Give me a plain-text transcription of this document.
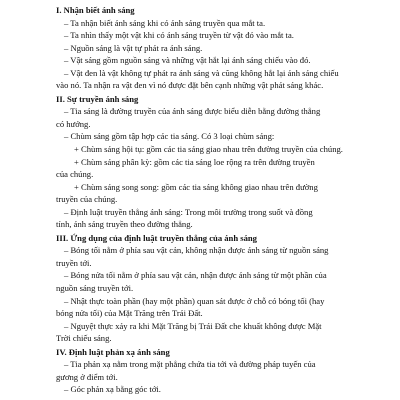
I. Nhận biết ánh sáng
– Ta nhận biết ánh sáng khi có ánh sáng truyền qua mắt ta.
– Ta nhìn thấy một vật khi có ánh sáng truyền từ vật đó vào mắt ta.
– Nguồn sáng là vật tự phát ra ánh sáng.
– Vật sáng gồm nguồn sáng và những vật hắt lại ánh sáng chiếu vào đó.
– Vật đen là vật không tự phát ra ánh sáng và cũng không hắt lại ánh sáng chiếu
vào nó. Ta nhận ra vật đen vì nó được đặt bên cạnh những vật phát sáng khác.
II. Sự truyền ánh sáng
– Tia sáng là đường truyền của ánh sáng được biểu diễn bằng đường thẳng
có hướng.
– Chùm sáng gồm tập hợp các tia sáng. Có 3 loại chùm sáng:
+ Chùm sáng hội tụ: gồm các tia sáng giao nhau trên đường truyền của chúng.
+ Chùm sáng phân kỳ: gồm các tia sáng loe rộng ra trên đường truyền
của chúng.
+ Chùm sáng song song: gồm các tia sáng không giao nhau trên đường
truyền của chúng.
– Định luật truyền thẳng ánh sáng: Trong môi trường trong suốt và đồng
tính, ánh sáng truyền theo đường thẳng.
III. Ứng dụng của định luật truyền thẳng của ánh sáng
– Bóng tối nằm ở phía sau vật cản, không nhận được ánh sáng từ nguồn sáng
truyền tới.
– Bóng nửa tối nằm ở phía sau vật cản, nhận được ánh sáng từ một phần của
nguồn sáng truyền tới.
– Nhật thực toàn phần (hay một phần) quan sát được ở chỗ có bóng tối (hay
bóng nửa tối) của Mặt Trăng trên Trái Đất.
– Nguyệt thực xảy ra khi Mặt Trăng bị Trái Đất che khuất không được Mặt
Trời chiếu sáng.
IV. Định luật phản xạ ánh sáng
– Tia phản xạ nằm trong mặt phẳng chứa tia tới và đường pháp tuyến của
gương ở điểm tới.
– Góc phản xạ bằng góc tới.
